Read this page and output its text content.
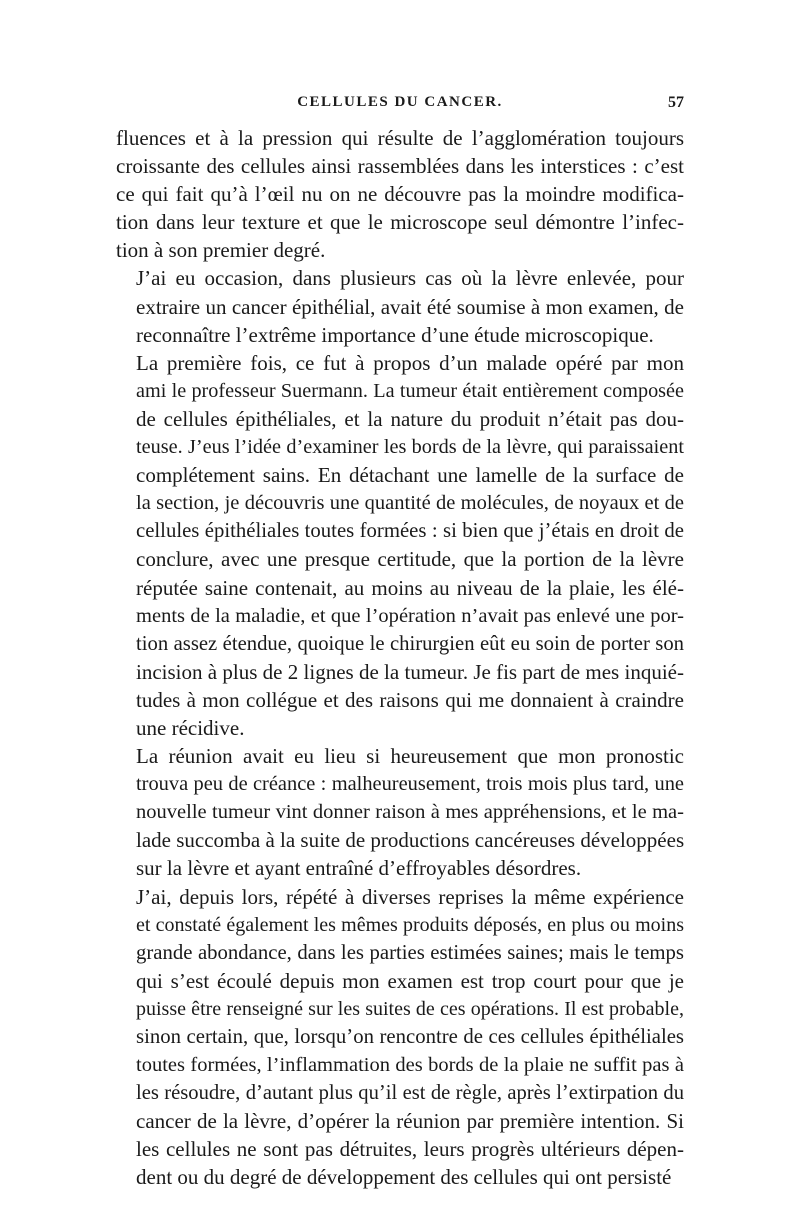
CELLULES DU CANCER.	57

fluences et à la pression qui résulte de l’agglomération toujours
croissante des cellules ainsi rassemblées dans les interstices : c’est
ce qui fait qu’à l’œil nu on ne découvre pas la moindre modifica-
tion dans leur texture et que le microscope seul démontre l’infec-
tion à son premier degré.

J’ai eu occasion, dans plusieurs cas où la lèvre enlevée, pour
extraire un cancer épithélial, avait été soumise à mon examen, de
reconnaître l’extrême importance d’une étude microscopique.

La première fois, ce fut à propos d’un malade opéré par mon
ami le professeur Suermann. La tumeur était entièrement composée
de cellules épithéliales, et la nature du produit n’était pas dou-
teuse. J’eus l’idée d’examiner les bords de la lèvre, qui paraissaient
complétement sains. En détachant une lamelle de la surface de
la section, je découvris une quantité de molécules, de noyaux et de
cellules épithéliales toutes formées : si bien que j’étais en droit de
conclure, avec une presque certitude, que la portion de la lèvre
réputée saine contenait, au moins au niveau de la plaie, les élé-
ments de la maladie, et que l’opération n’avait pas enlevé une por-
tion assez étendue, quoique le chirurgien eût eu soin de porter son
incision à plus de 2 lignes de la tumeur. Je fis part de mes inquié-
tudes à mon collégue et des raisons qui me donnaient à craindre
une récidive.

La réunion avait eu lieu si heureusement que mon pronostic
trouva peu de créance : malheureusement, trois mois plus tard, une
nouvelle tumeur vint donner raison à mes appréhensions, et le ma-
lade succomba à la suite de productions cancéreuses développées
sur la lèvre et ayant entraîné d’effroyables désordres.

J’ai, depuis lors, répété à diverses reprises la même expérience
et constaté également les mêmes produits déposés, en plus ou moins
grande abondance, dans les parties estimées saines; mais le temps
qui s’est écoulé depuis mon examen est trop court pour que je
puisse être renseigné sur les suites de ces opérations. Il est probable,
sinon certain, que, lorsqu’on rencontre de ces cellules épithéliales
toutes formées, l’inflammation des bords de la plaie ne suffit pas à
les résoudre, d’autant plus qu’il est de règle, après l’extirpation du
cancer de la lèvre, d’opérer la réunion par première intention. Si
les cellules ne sont pas détruites, leurs progrès ultérieurs dépen-
dent ou du degré de développement des cellules qui ont persisté
